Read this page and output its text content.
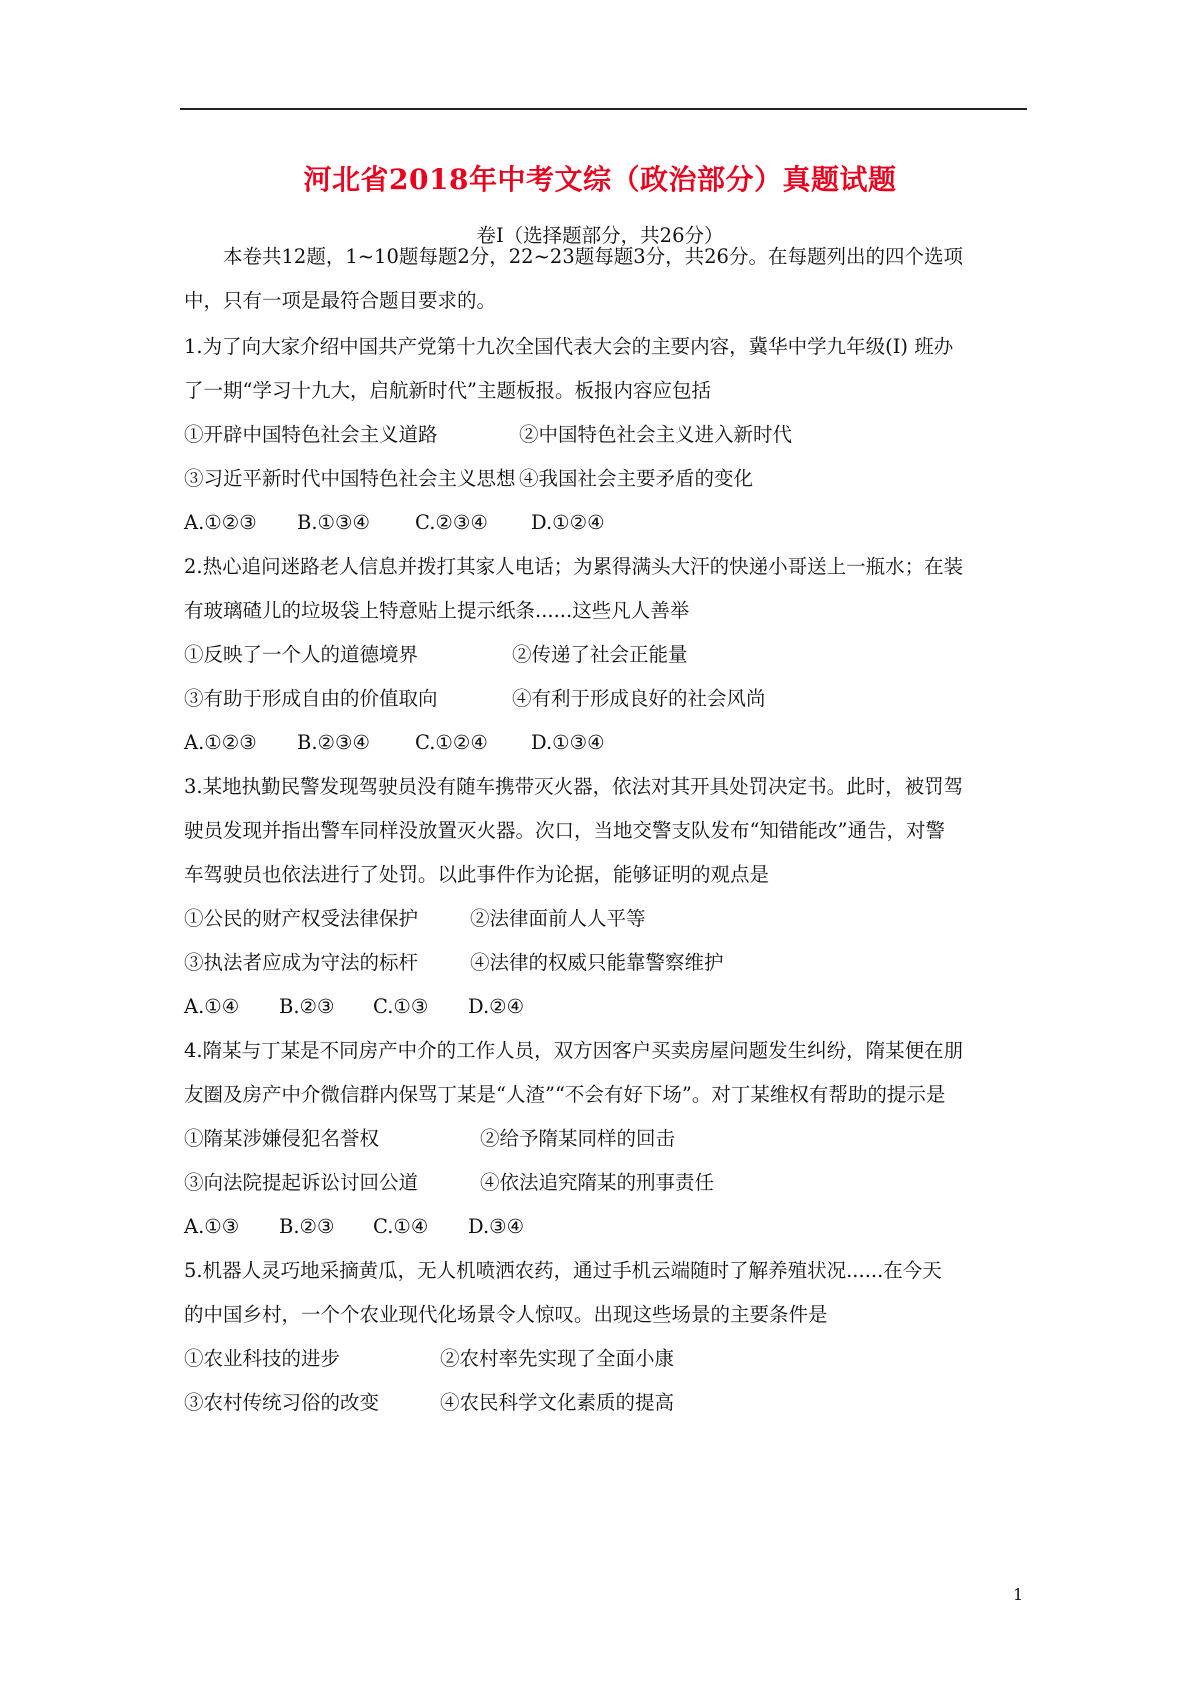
河北省2018年中考文综（政治部分）真题试题
卷Ⅰ（选择题部分，共26分）
本卷共12题，1~10题每题2分，22~23题每题3分，共26分。在每题列出的四个选项
中，只有一项是最符合题目要求的。
1.为了向大家介绍中国共产党第十九次全国代表大会的主要内容，冀华中学九年级(I) 班办
了一期“学习十九大，启航新时代”主题板报。板报内容应包括
①开辟中国特色社会主义道路	②中国特色社会主义进入新时代
③习近平新时代中国特色社会主义思想 ④我国社会主要矛盾的变化
A.①②③ B.①③④ C.②③④ D.①②④
2.热心追问迷路老人信息并拨打其家人电话；为累得满头大汗的快递小哥送上一瓶水；在装
有玻璃碴儿的垃圾袋上特意贴上提示纸条......这些凡人善举
①反映了一个人的道德境界	②传递了社会正能量
③有助于形成自由的价值取向	④有利于形成良好的社会风尚
A.①②③ B.②③④ C.①②④ D.①③④
3.某地执勤民警发现驾驶员没有随车携带灭火器，依法对其开具处罚决定书。此时，被罚驾
驶员发现并指出警车同样没放置灭火器。次口，当地交警支队发布“知错能改”通告，对警
车驾驶员也依法进行了处罚。以此事件作为论据，能够证明的观点是
①公民的财产权受法律保护	②法律面前人人平等
③执法者应成为守法的标杆	④法律的权威只能靠警察维护
A.①④ B.②③ C.①③ D.②④
4.隋某与丁某是不同房产中介的工作人员，双方因客户买卖房屋问题发生纠纷，隋某便在朋
友圈及房产中介微信群内保骂丁某是“人渣”“不会有好下场”。对丁某维权有帮助的提示是
①隋某涉嫌侵犯名誉权	②给予隋某同样的回击
③向法院提起诉讼讨回公道	④依法追究隋某的刑事责任
A.①③ B.②③ C.①④ D.③④
5.机器人灵巧地采摘黄瓜，无人机喷洒农药，通过手机云端随时了解养殖状况......在今天
的中国乡村，一个个农业现代化场景令人惊叹。出现这些场景的主要条件是
①农业科技的进步	②农村率先实现了全面小康
③农村传统习俗的改变	④农民科学文化素质的提高
1
